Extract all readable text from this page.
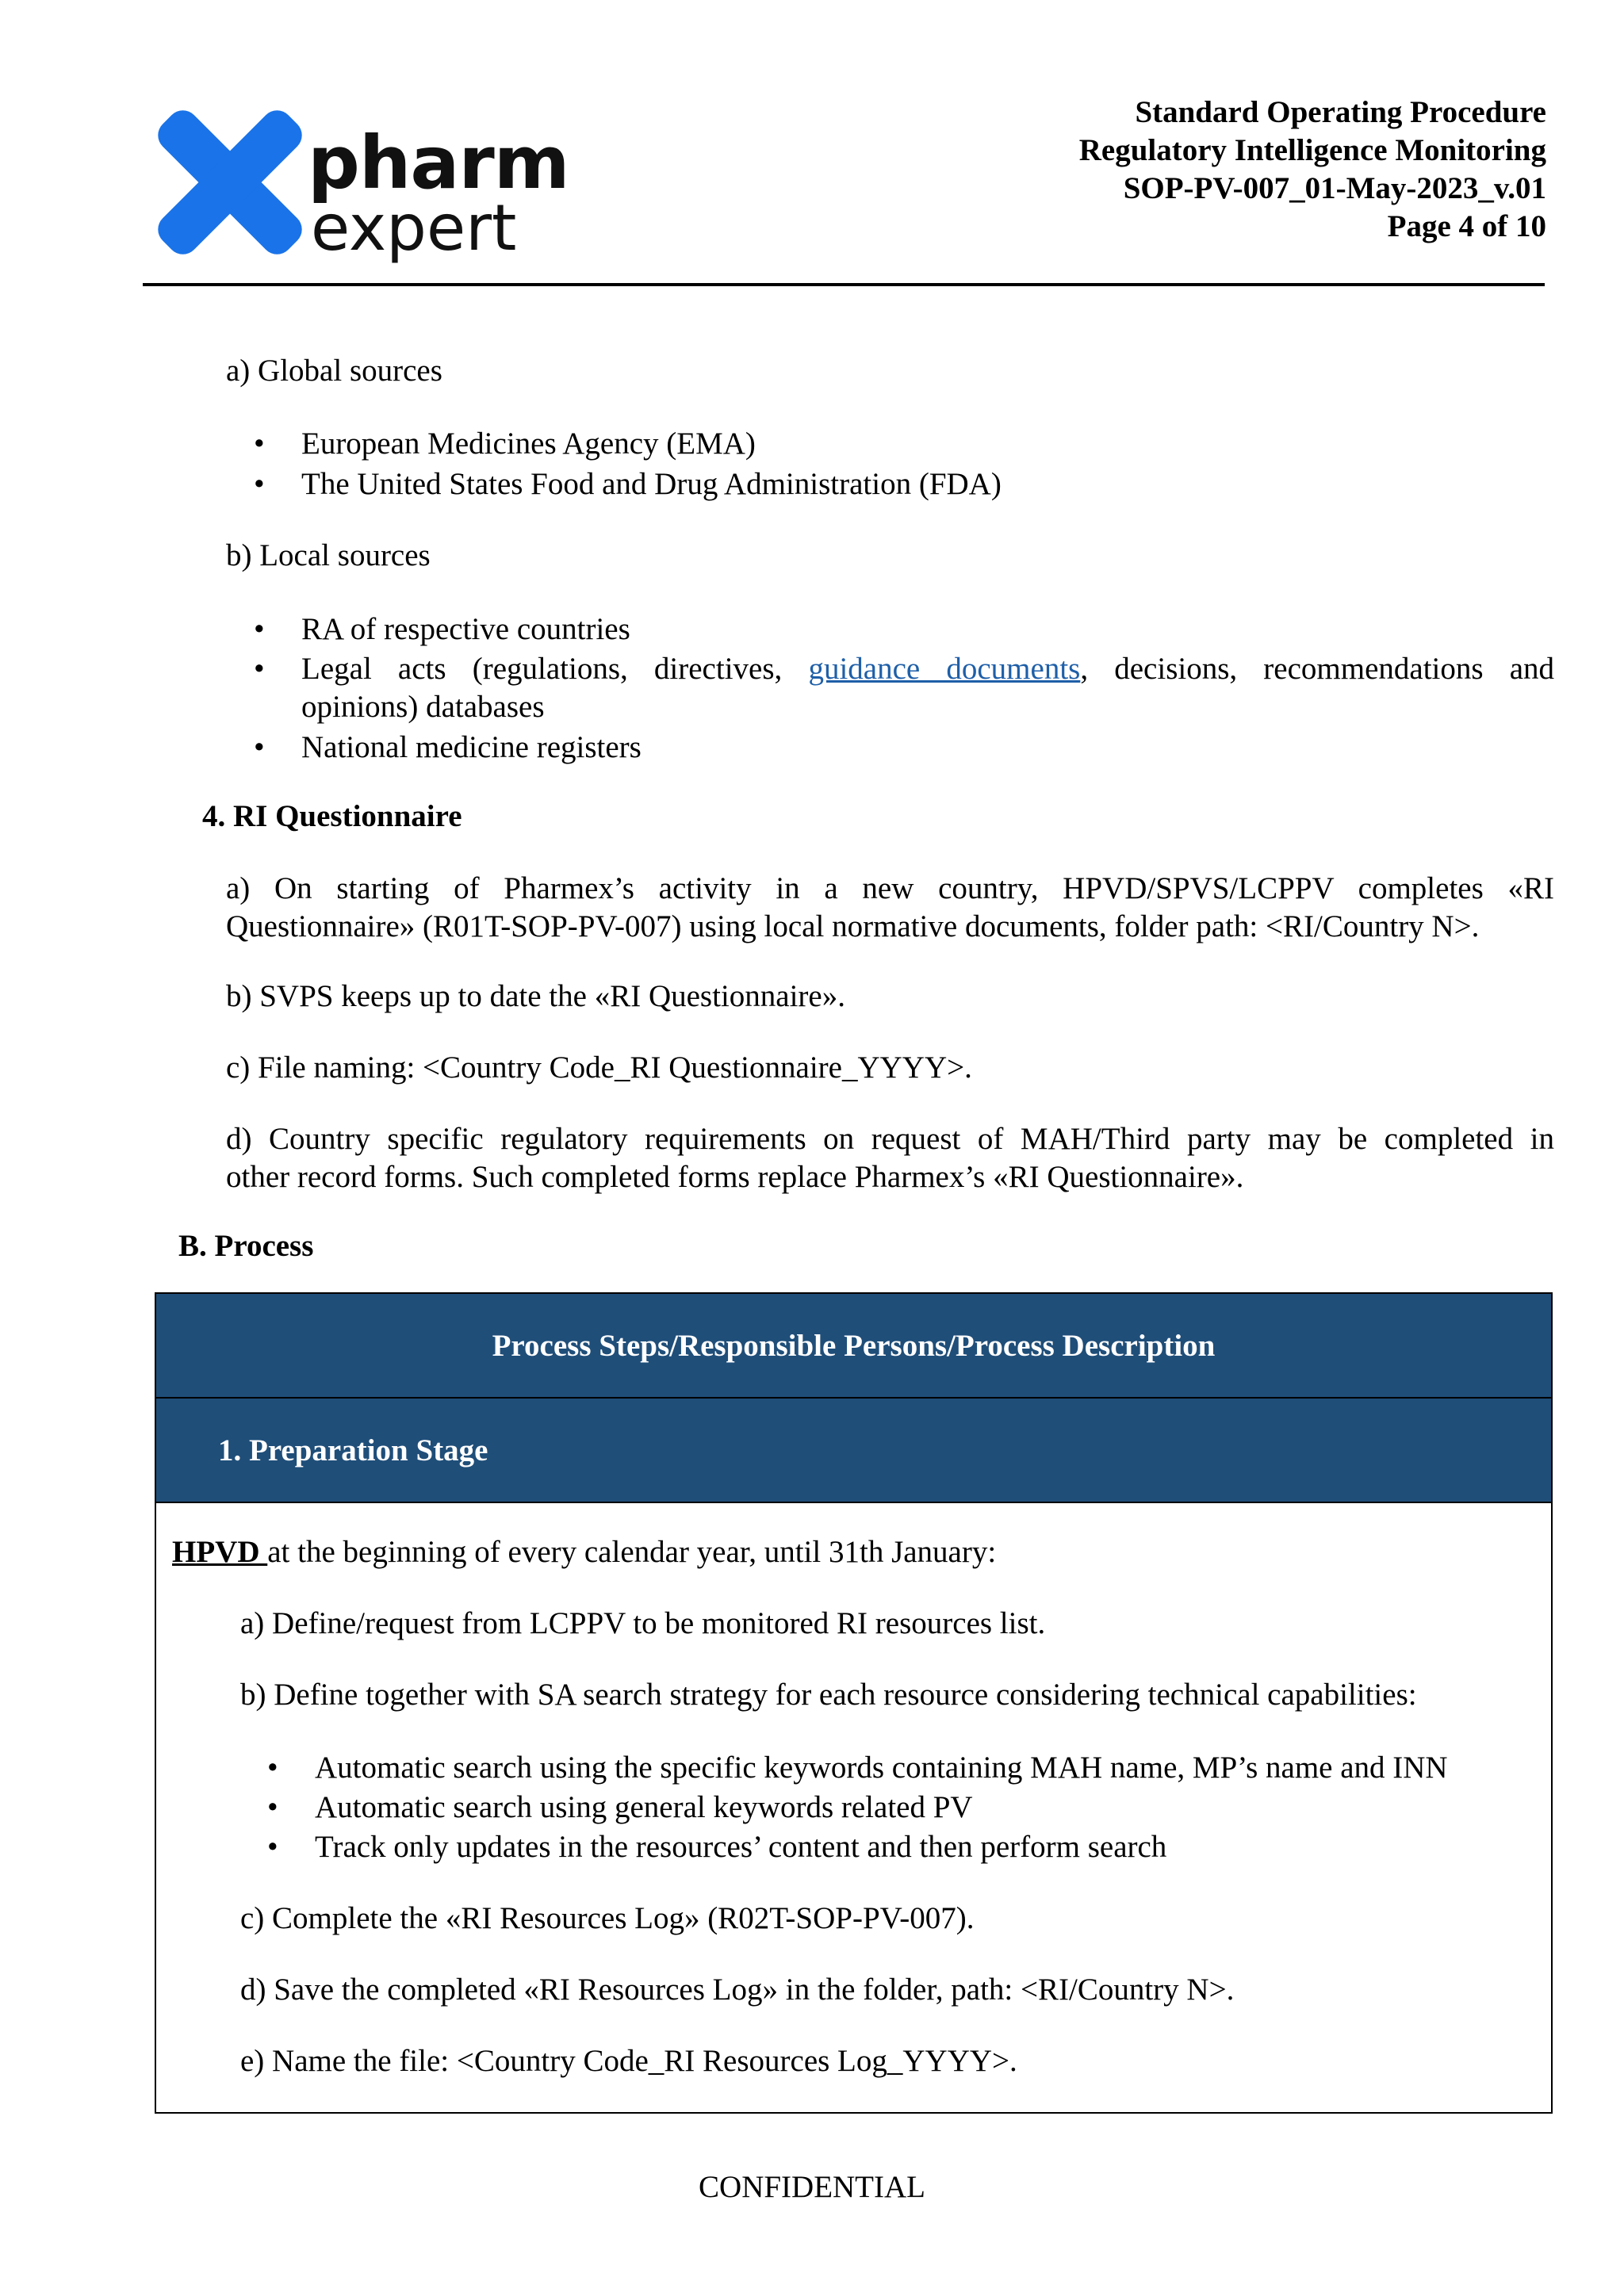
pharm
expert
Standard Operating Procedure
Regulatory Intelligence Monitoring
SOP-PV-007_01-May-2023_v.01
Page 4 of 10

a) Global sources

•	European Medicines Agency (EMA)
•	The United States Food and Drug Administration (FDA)

b) Local sources

•	RA of respective countries
•	Legal acts (regulations, directives, guidance documents, decisions, recommendations and
opinions) databases
•	National medicine registers

4. RI Questionnaire

a) On starting of Pharmex’s activity in a new country, HPVD/SPVS/LCPPV completes «RI

Questionnaire» (R01T-SOP-PV-007) using local normative documents, folder path: <RI/Country N>.

b) SVPS keeps up to date the «RI Questionnaire».

c) File naming: <Country Code_RI Questionnaire_YYYY>.

d) Country specific regulatory requirements on request of MAH/Third party may be completed in

other record forms. Such completed forms replace Pharmex’s «RI Questionnaire».

B. Process

Process Steps/Responsible Persons/Process Description
1. Preparation Stage
HPVD at the beginning of every calendar year, until 31th January:

a) Define/request from LCPPV to be monitored RI resources list.

b) Define together with SA search strategy for each resource considering technical capabilities:

•	Automatic search using the specific keywords containing MAH name, MP’s name and INN
•	Automatic search using general keywords related PV
•	Track only updates in the resources’ content and then perform search

c) Complete the «RI Resources Log» (R02T-SOP-PV-007).

d) Save the completed «RI Resources Log» in the folder, path: <RI/Country N>.

e) Name the file: <Country Code_RI Resources Log_YYYY>.

CONFIDENTIAL
